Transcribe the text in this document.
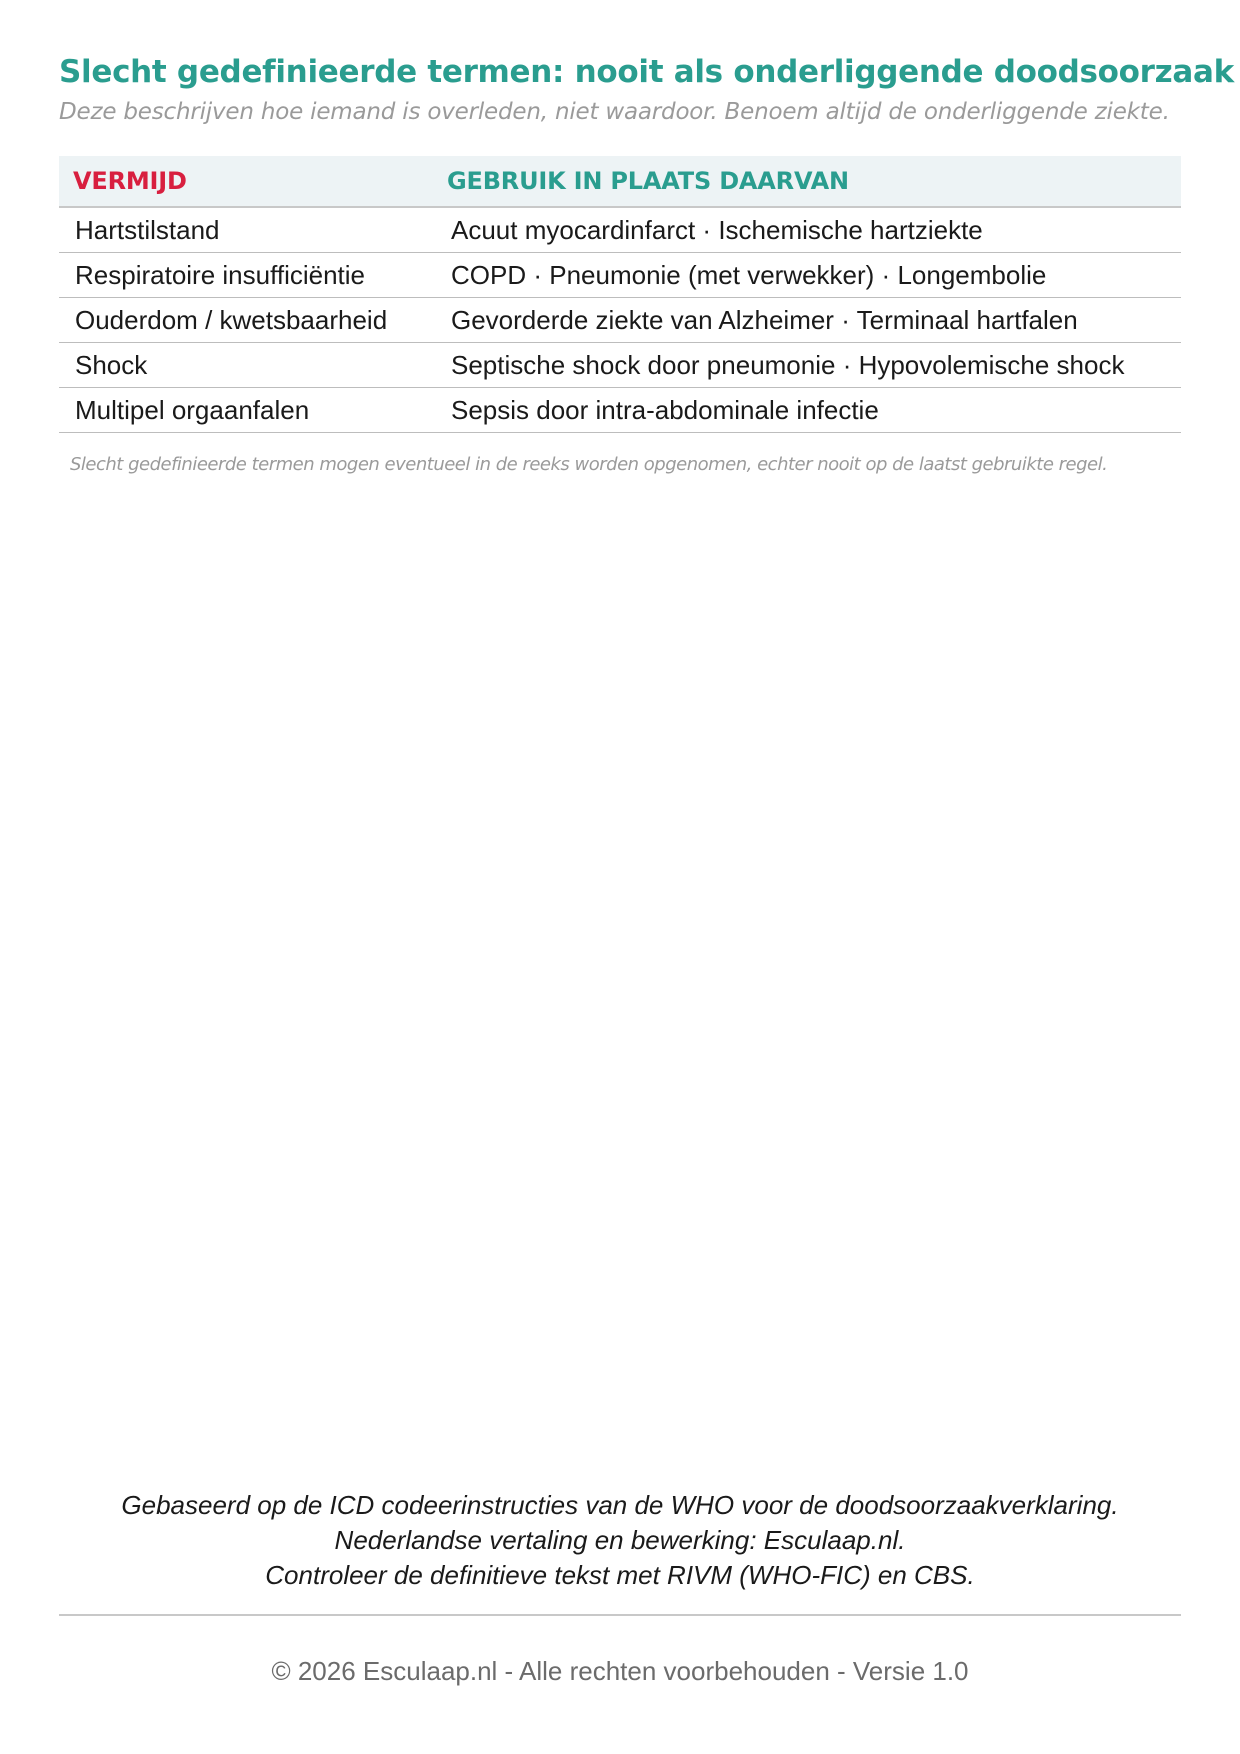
Slecht gedefinieerde termen: nooit als onderliggende doodsoorzaak
Deze beschrijven hoe iemand is overleden, niet waardoor. Benoem altijd de onderliggende ziekte.
VERMIJD	GEBRUIK IN PLAATS DAARVAN
Hartstilstand	Acuut myocardinfarct · Ischemische hartziekte
Respiratoire insufficiëntie	COPD · Pneumonie (met verwekker) · Longembolie
Ouderdom / kwetsbaarheid	Gevorderde ziekte van Alzheimer · Terminaal hartfalen
Shock	Septische shock door pneumonie · Hypovolemische shock
Multipel orgaanfalen	Sepsis door intra-abdominale infectie
Slecht gedefinieerde termen mogen eventueel in de reeks worden opgenomen, echter nooit op de laatst gebruikte regel.
Gebaseerd op de ICD codeerinstructies van de WHO voor de doodsoorzaakverklaring.
Nederlandse vertaling en bewerking: Esculaap.nl.
Controleer de definitieve tekst met RIVM (WHO-FIC) en CBS.
© 2026 Esculaap.nl - Alle rechten voorbehouden - Versie 1.0
